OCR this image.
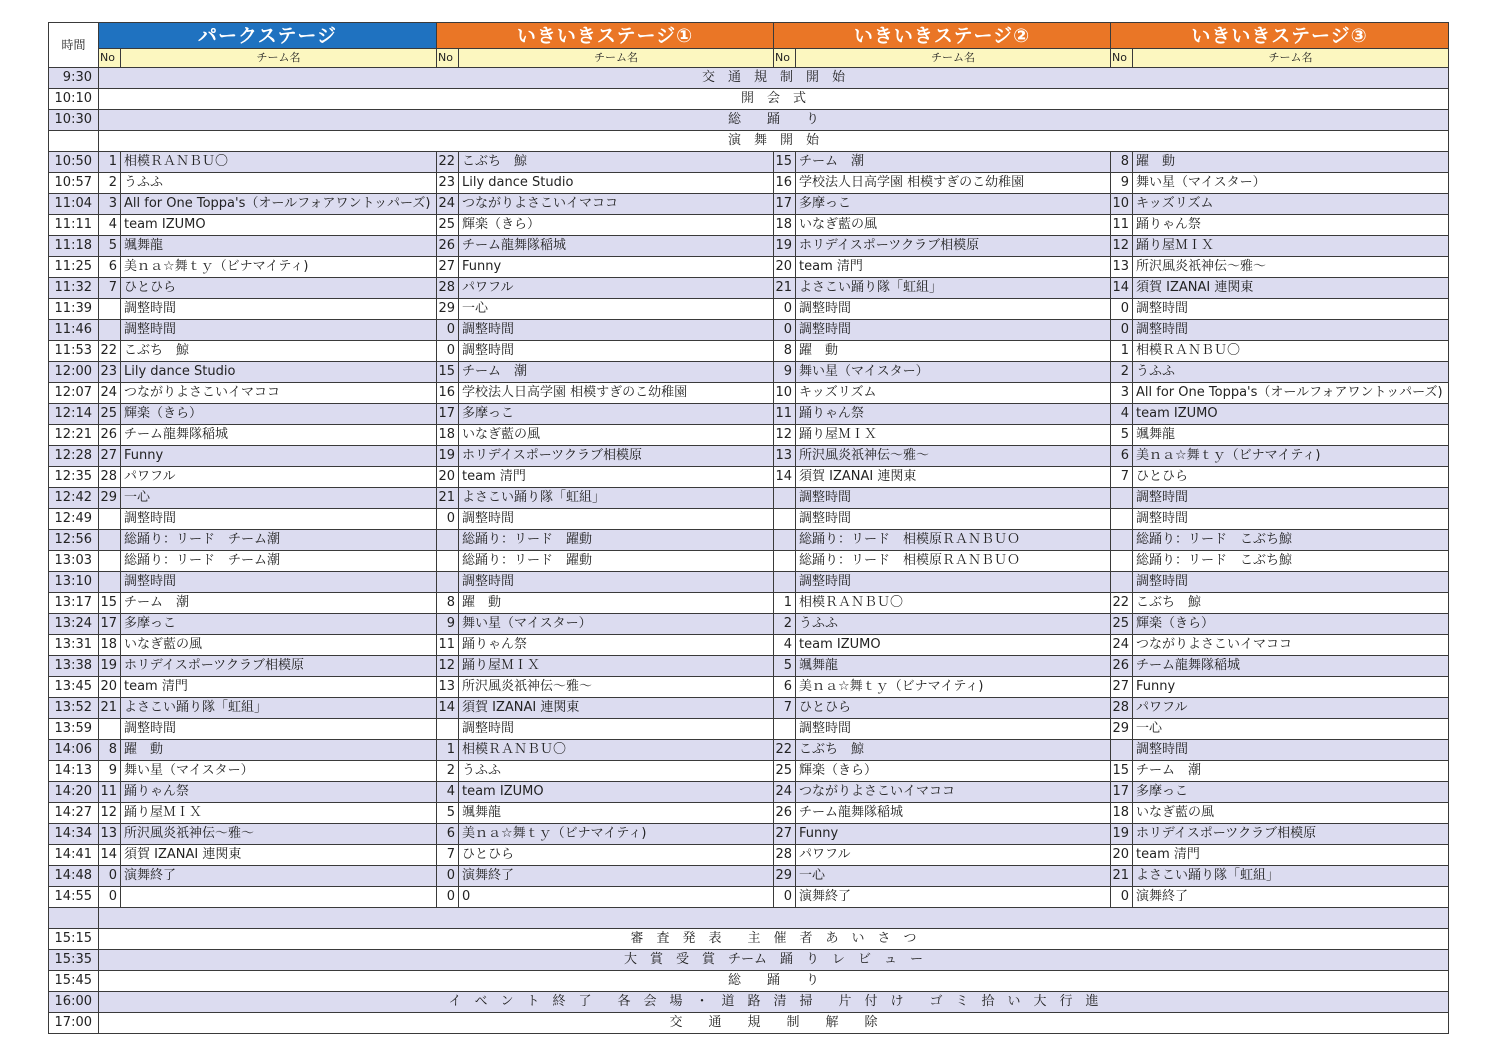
時間	パークステージ		いきいきステージ①		いきいきステージ②		いきいきステージ③	
	No	チーム名	No	チーム名	No	チーム名	No	チーム名
9:30	交　通　規　制　開　始							
10:10	開　会　式							
10:30	総　　踊　　り							
	演　舞　開　始							
10:50	1	相模ＲＡＮＢＵ〇	22	こぶち　鯨	15	チーム　潮	8	躍　動
10:57	2	うふふ	23	Lily dance Studio	16	学校法人日高学園 相模すぎのこ幼稚園	9	舞い星（マイスター）
11:04	3	All for One Toppa's（オールフォアワントッパーズ)	24	つながりよさこいイマココ	17	多摩っこ	10	キッズリズム
11:11	4	team IZUMO	25	輝楽（きら）	18	いなぎ藍の風	11	踊りゃん祭
11:18	5	颯舞龍	26	チーム龍舞隊稲城	19	ホリデイスポーツクラブ相模原	12	踊り屋ＭＩＸ
11:25	6	美ｎａ☆舞ｔｙ（ビナマイティ)	27	Funny	20	team 清門	13	所沢風炎祇神伝～雅～
11:32	7	ひとひら	28	パワフル	21	よさこい踊り隊「虹組」	14	須賀 IZANAI 連関東
11:39		調整時間	29	一心	0	調整時間	0	調整時間
11:46		調整時間	0	調整時間	0	調整時間	0	調整時間
11:53	22	こぶち　鯨	0	調整時間	8	躍　動	1	相模ＲＡＮＢＵ〇
12:00	23	Lily dance Studio	15	チーム　潮	9	舞い星（マイスター）	2	うふふ
12:07	24	つながりよさこいイマココ	16	学校法人日高学園 相模すぎのこ幼稚園	10	キッズリズム	3	All for One Toppa's（オールフォアワントッパーズ)
12:14	25	輝楽（きら）	17	多摩っこ	11	踊りゃん祭	4	team IZUMO
12:21	26	チーム龍舞隊稲城	18	いなぎ藍の風	12	踊り屋ＭＩＸ	5	颯舞龍
12:28	27	Funny	19	ホリデイスポーツクラブ相模原	13	所沢風炎祇神伝～雅～	6	美ｎａ☆舞ｔｙ（ビナマイティ)
12:35	28	パワフル	20	team 清門	14	須賀 IZANAI 連関東	7	ひとひら
12:42	29	一心	21	よさこい踊り隊「虹組」		調整時間		調整時間
12:49		調整時間	0	調整時間		調整時間		調整時間
12:56		総踊り：リード　チーム潮		総踊り：リード　躍動		総踊り：リード　相模原ＲＡＮＢＵＯ		総踊り：リード　こぶち鯨
13:03		総踊り：リード　チーム潮		総踊り：リード　躍動		総踊り：リード　相模原ＲＡＮＢＵＯ		総踊り：リード　こぶち鯨
13:10		調整時間		調整時間		調整時間		調整時間
13:17	15	チーム　潮	8	躍　動	1	相模ＲＡＮＢＵ〇	22	こぶち　鯨
13:24	17	多摩っこ	9	舞い星（マイスター）	2	うふふ	25	輝楽（きら）
13:31	18	いなぎ藍の風	11	踊りゃん祭	4	team IZUMO	24	つながりよさこいイマココ
13:38	19	ホリデイスポーツクラブ相模原	12	踊り屋ＭＩＸ	5	颯舞龍	26	チーム龍舞隊稲城
13:45	20	team 清門	13	所沢風炎祇神伝～雅～	6	美ｎａ☆舞ｔｙ（ビナマイティ)	27	Funny
13:52	21	よさこい踊り隊「虹組」	14	須賀 IZANAI 連関東	7	ひとひら	28	パワフル
13:59		調整時間		調整時間		調整時間	29	一心
14:06	8	躍　動	1	相模ＲＡＮＢＵ〇	22	こぶち　鯨		調整時間
14:13	9	舞い星（マイスター）	2	うふふ	25	輝楽（きら）	15	チーム　潮
14:20	11	踊りゃん祭	4	team IZUMO	24	つながりよさこいイマココ	17	多摩っこ
14:27	12	踊り屋ＭＩＸ	5	颯舞龍	26	チーム龍舞隊稲城	18	いなぎ藍の風
14:34	13	所沢風炎祇神伝～雅～	6	美ｎａ☆舞ｔｙ（ビナマイティ)	27	Funny	19	ホリデイスポーツクラブ相模原
14:41	14	須賀 IZANAI 連関東	7	ひとひら	28	パワフル	20	team 清門
14:48	0	演舞終了	0	演舞終了	29	一心	21	よさこい踊り隊「虹組」
14:55	0		0	0	0	演舞終了	0	演舞終了

15:15	審　査　発　表　　主　催　者　あ　い　さ　つ							
15:35	大　賞　受　賞　チーム　踊　り　レ　ビ　ュ　ー							
15:45	総　　踊　　り							
16:00	イ　ベ　ン　ト　終　了　　各　会　場　・　道　路　清　掃　　片　付　け　　ゴ　ミ　拾　い　大　行　進							
17:00	交　　通　　規　　制　　解　　除							
